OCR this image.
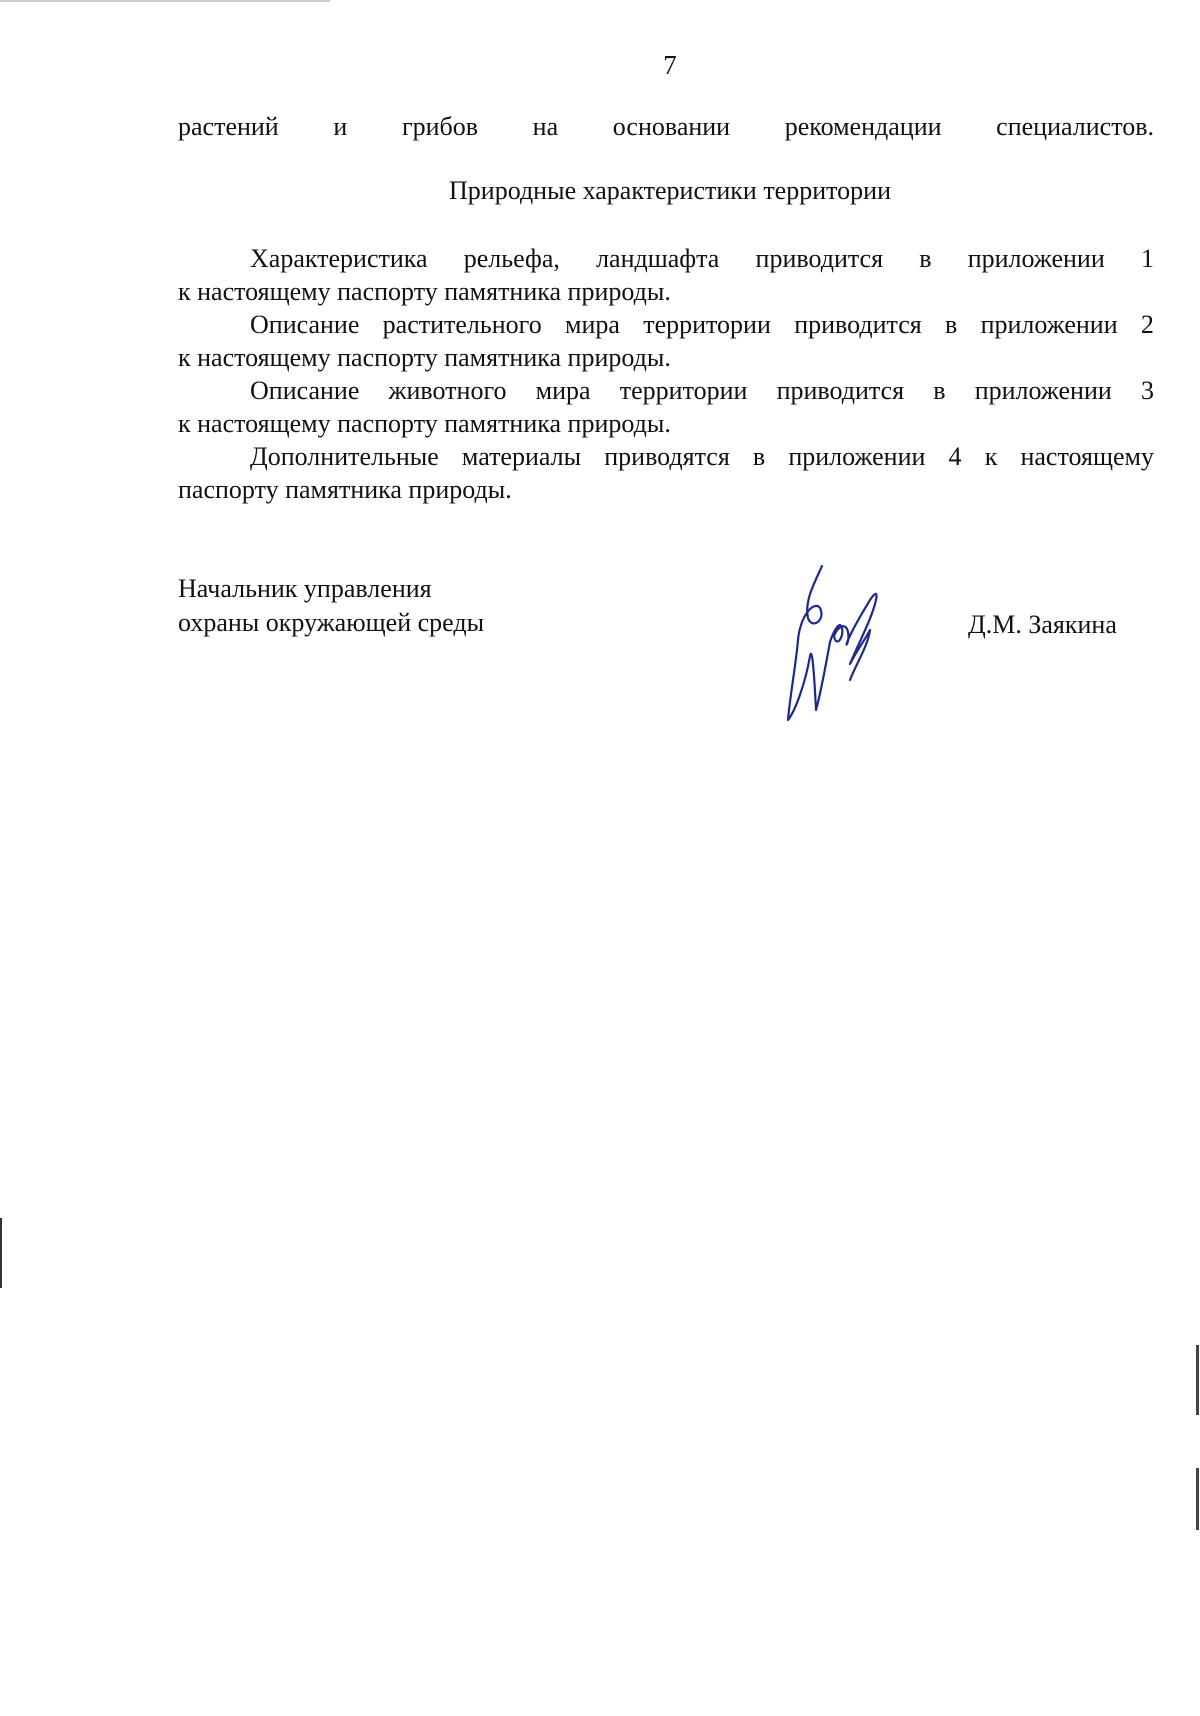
7
растений и грибов на основании рекомендации специалистов.
Природные характеристики территории
Характеристика рельефа, ландшафта приводится в приложении 1
к настоящему паспорту памятника природы.
Описание растительного мира территории приводится в приложении 2
к настоящему паспорту памятника природы.
Описание животного мира территории приводится в приложении 3
к настоящему паспорту памятника природы.
Дополнительные материалы приводятся в приложении 4 к настоящему
паспорту памятника природы.
Начальник управления
охраны окружающей среды	Д.М. Заякина
